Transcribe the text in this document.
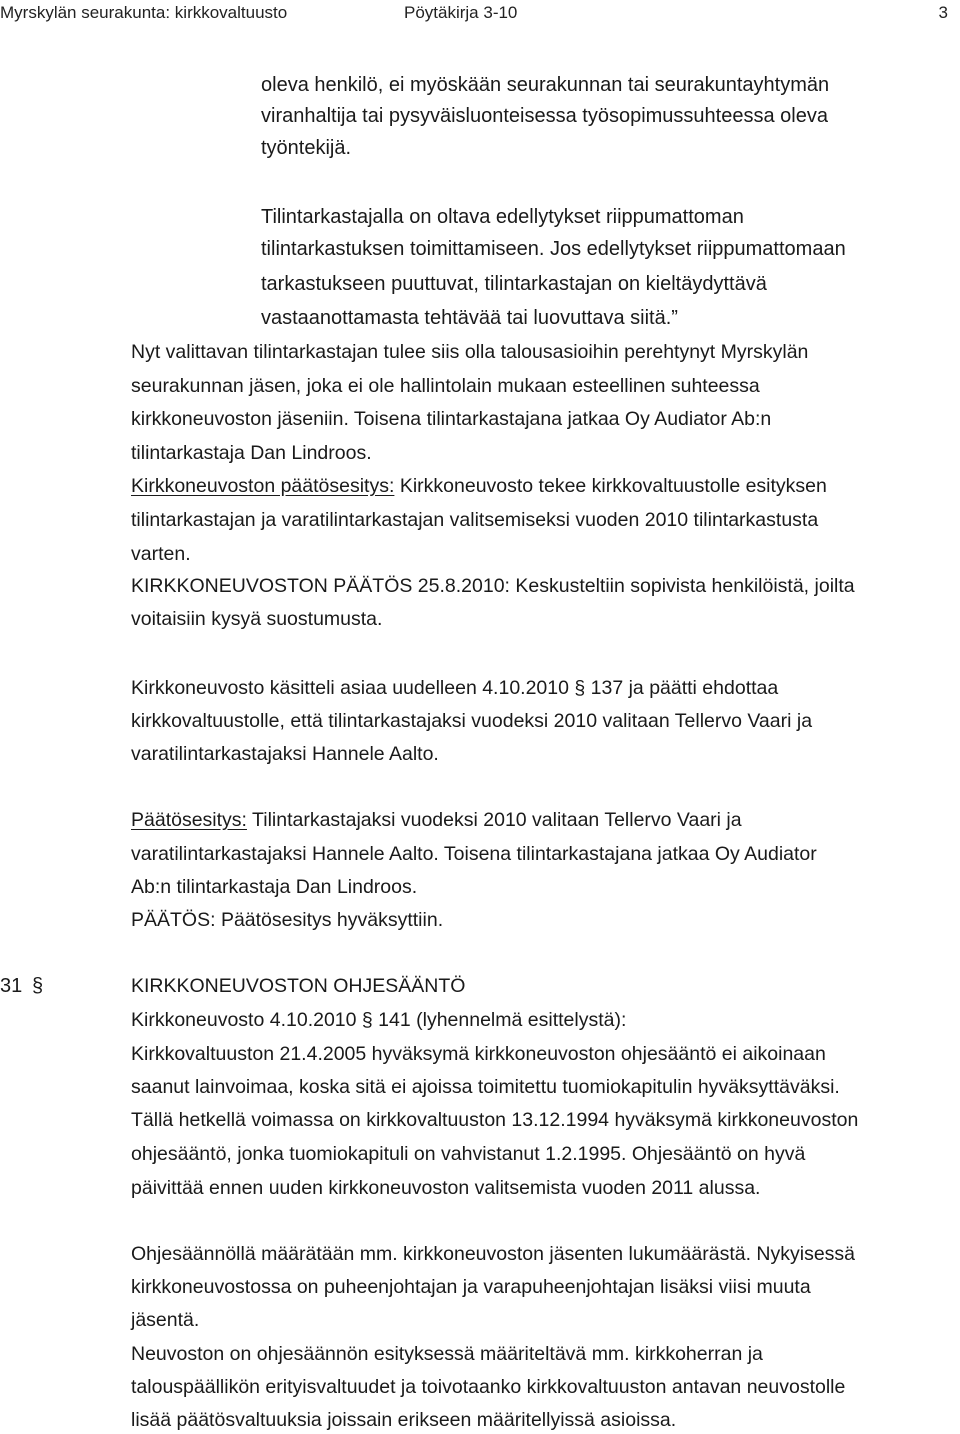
Myrskylän seurakunta: kirkkovaltuusto	Pöytäkirja 3-10	3
oleva henkilö, ei myöskään seurakunnan tai seurakuntayhtymän
viranhaltija tai pysyväisluonteisessa työsopimussuhteessa oleva
työntekijä.
Tilintarkastajalla on oltava edellytykset riippumattoman
tilintarkastuksen toimittamiseen. Jos edellytykset riippumattomaan
tarkastukseen puuttuvat, tilintarkastajan on kieltäydyttävä
vastaanottamasta tehtävää tai luovuttava siitä.”
Nyt valittavan tilintarkastajan tulee siis olla talousasioihin perehtynyt Myrskylän
seurakunnan jäsen, joka ei ole hallintolain mukaan esteellinen suhteessa
kirkkoneuvoston jäseniin. Toisena tilintarkastajana jatkaa Oy Audiator Ab:n
tilintarkastaja Dan Lindroos.
Kirkkoneuvoston päätösesitys: Kirkkoneuvosto tekee kirkkovaltuustolle esityksen
tilintarkastajan ja varatilintarkastajan valitsemiseksi vuoden 2010 tilintarkastusta
varten.
KIRKKONEUVOSTON PÄÄTÖS 25.8.2010: Keskusteltiin sopivista henkilöistä, joilta
voitaisiin kysyä suostumusta.
Kirkkoneuvosto käsitteli asiaa uudelleen 4.10.2010 § 137 ja päätti ehdottaa
kirkkovaltuustolle, että tilintarkastajaksi vuodeksi 2010 valitaan Tellervo Vaari ja
varatilintarkastajaksi Hannele Aalto.
Päätösesitys: Tilintarkastajaksi vuodeksi 2010 valitaan Tellervo Vaari ja
varatilintarkastajaksi Hannele Aalto. Toisena tilintarkastajana jatkaa Oy Audiator
Ab:n tilintarkastaja Dan Lindroos.
PÄÄTÖS: Päätösesitys hyväksyttiin.
31 §	KIRKKONEUVOSTON OHJESÄÄNTÖ
Kirkkoneuvosto 4.10.2010 § 141 (lyhennelmä esittelystä):
Kirkkovaltuuston 21.4.2005 hyväksymä kirkkoneuvoston ohjesääntö ei aikoinaan
saanut lainvoimaa, koska sitä ei ajoissa toimitettu tuomiokapitulin hyväksyttäväksi.
Tällä hetkellä voimassa on kirkkovaltuuston 13.12.1994 hyväksymä kirkkoneuvoston
ohjesääntö, jonka tuomiokapituli on vahvistanut 1.2.1995. Ohjesääntö on hyvä
päivittää ennen uuden kirkkoneuvoston valitsemista vuoden 2011 alussa.
Ohjesäännöllä määrätään mm. kirkkoneuvoston jäsenten lukumäärästä. Nykyisessä
kirkkoneuvostossa on puheenjohtajan ja varapuheenjohtajan lisäksi viisi muuta
jäsentä.
Neuvoston on ohjesäännön esityksessä määriteltävä mm. kirkkoherran ja
talouspäällikön erityisvaltuudet ja toivotaanko kirkkovaltuuston antavan neuvostolle
lisää päätösvaltuuksia joissain erikseen määritellyissä asioissa.
